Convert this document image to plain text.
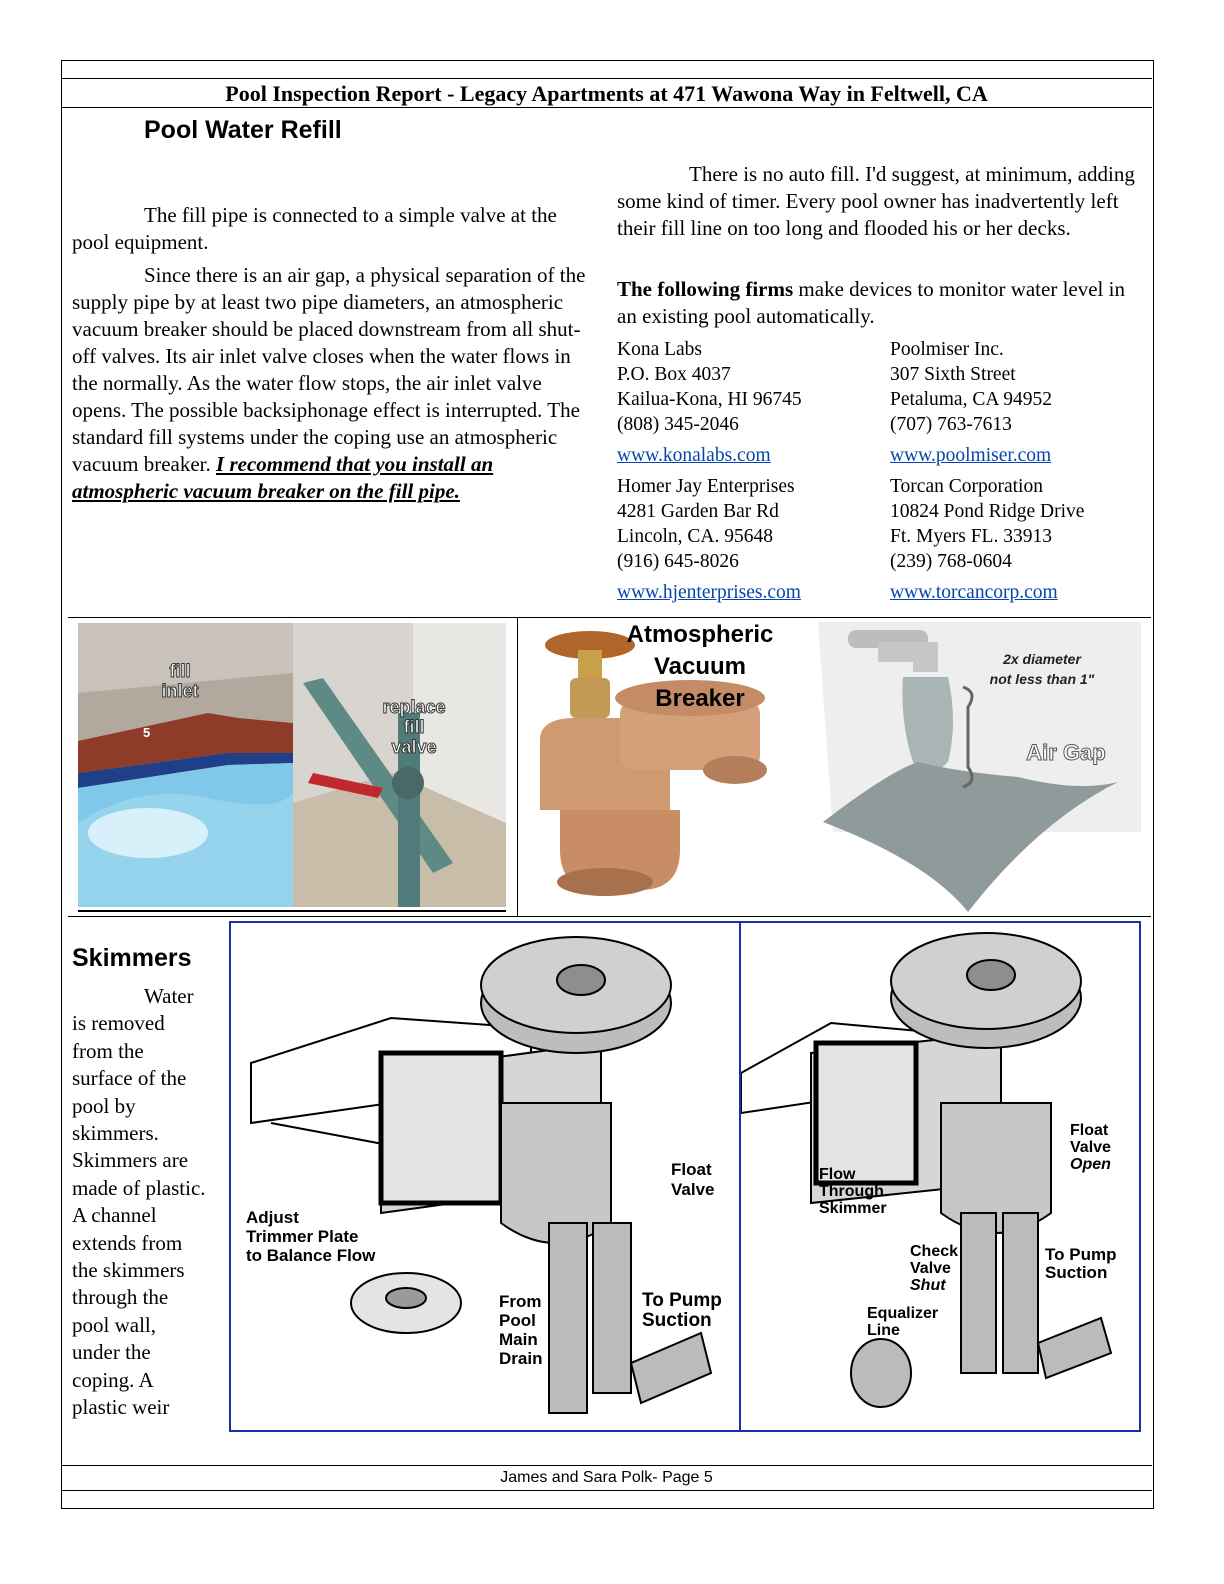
Pool Inspection Report - Legacy Apartments at 471 Wawona Way in Feltwell, CA
Pool Water Refill

The fill pipe is connected to a simple valve at the pool equipment.

Since there is an air gap, a physical separation of the supply pipe by at least two pipe diameters, an atmospheric vacuum breaker should be placed downstream from all shut-off valves. Its air inlet valve closes when the water flows in the normally. As the water flow stops, the air inlet valve opens. The possible backsiphonage effect is interrupted. The standard fill systems under the coping use an atmospheric vacuum breaker. I recommend that you install an atmospheric vacuum breaker on the fill pipe.

There is no auto fill. I'd suggest, at minimum, adding some kind of timer. Every pool owner has inadvertently left their fill line on too long and flooded his or her decks.

The following firms make devices to monitor water level in an existing pool automatically.

Kona Labs
P.O. Box 4037
Kailua-Kona, HI 96745
(808) 345-2046
www.konalabs.com
Poolmiser Inc.
307 Sixth Street
Petaluma, CA 94952
(707) 763-7613
www.poolmiser.com
Homer Jay Enterprises
4281 Garden Bar Rd
Lincoln, CA. 95648
(916) 645-8026
www.hjenterprises.com
Torcan Corporation
10824 Pond Ridge Drive
Ft. Myers FL. 33913
(239) 768-0604
www.torcancorp.com
5
fill
inlet
replace
fill
valve
Atmospheric
Vacuum
Breaker
2x diameter
not less than 1"
Air Gap
Skimmers
Water is removed from the surface of the pool by skimmers. Skimmers are made of plastic. A channel extends from the skimmers through the pool wall, under the coping. A plastic weir
Float
Valve
Adjust
Trimmer Plate
to Balance Flow
From
Pool
Main
Drain
To Pump
Suction
Float
Valve
Open
Flow
Through
Skimmer
Check
Valve
Shut
Equalizer
Line
To Pump
Suction
James and Sara Polk- Page 5
